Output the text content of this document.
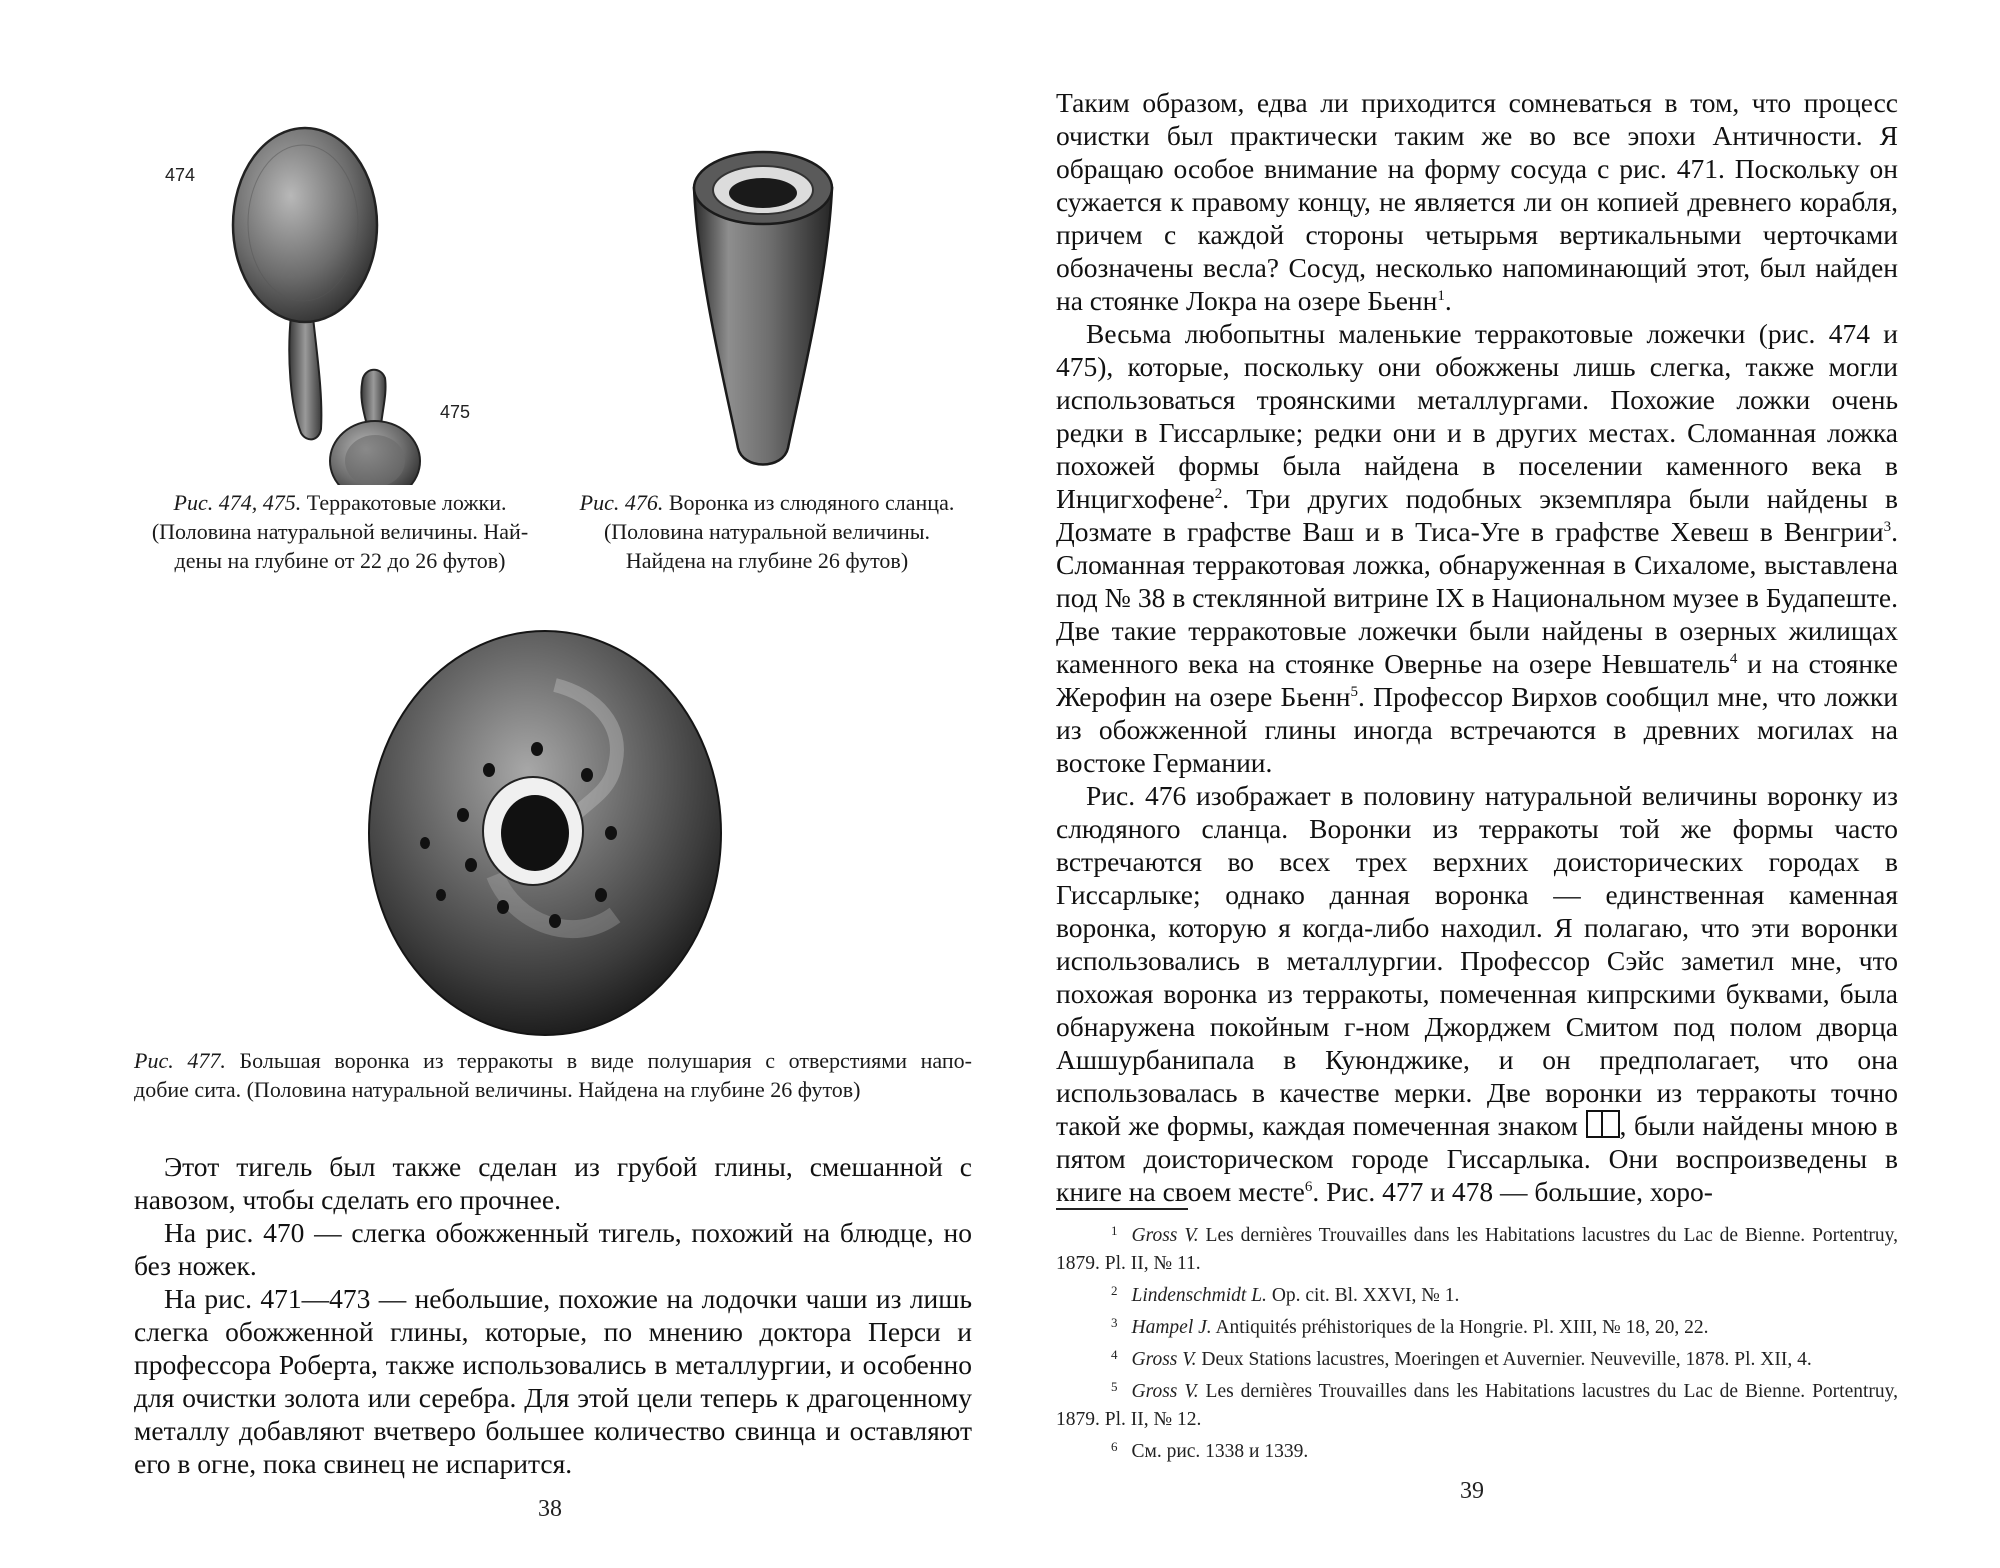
474
475
Рис. 474, 475. Терракотовые ложки.
(Половина натуральной величины. Най-
дены на глубине от 22 до 26 футов)
Рис. 476. Воронка из слюдяного сланца.
(Половина натуральной величины.
Найдена на глубине 26 футов)
Рис. 477. Большая воронка из терракоты в виде полушария с отверстиями напо-
добие сита. (Половина натуральной величины. Найдена на глубине 26 футов)

Этот тигель был также сделан из грубой глины, смешанной с навозом, чтобы сделать его прочнее.

На рис. 470 — слегка обожженный тигель, похожий на блюдце, но без ножек.

На рис. 471—473 — небольшие, похожие на лодочки чаши из лишь слегка обожженной глины, которые, по мнению доктора Перси и профессора Роберта, также использовались в металлургии, и особенно для очистки золота или серебра. Для этой цели теперь к драгоценному металлу добавляют вчетверо большее количество свинца и оставляют его в огне, пока свинец не испарится.

38

Таким образом, едва ли приходится сомневаться в том, что процесс очистки был практически таким же во все эпохи Античности. Я обращаю особое внимание на форму сосуда с рис. 471. Поскольку он сужается к правому концу, не является ли он копией древнего корабля, причем с каждой стороны четырьмя вертикальными черточками обозначены весла? Сосуд, несколько напоминающий этот, был найден на стоянке Локра на озере Бьенн$^1$.

Весьма любопытны маленькие терракотовые ложечки (рис. 474 и 475), которые, поскольку они обожжены лишь слегка, также могли использоваться троянскими металлургами. Похожие ложки очень редки в Гиссарлыке; редки они и в других местах. Сломанная ложка похожей формы была найдена в поселении каменного века в Инцигхофене$^2$. Три других подобных экземпляра были найдены в Дозмате в графстве Ваш и в Тиса-Уге в графстве Хевеш в Венгрии$^3$. Сломанная терракотовая ложка, обнаруженная в Сихаломе, выставлена под № 38 в стеклянной витрине IX в Национальном музее в Будапеште. Две такие терракотовые ложечки были найдены в озерных жилищах каменного века на стоянке Овернье на озере Невшатель$^4$ и на стоянке Жерофин на озере Бьенн$^5$. Профессор Вирхов сообщил мне, что ложки из обожженной глины иногда встречаются в древних могилах на востоке Германии.

Рис. 476 изображает в половину натуральной величины воронку из слюдяного сланца. Воронки из терракоты той же формы часто встречаются во всех трех верхних доисторических городах в Гиссарлыке; однако данная воронка — единственная каменная воронка, которую я когда-либо находил. Я полагаю, что эти воронки использовались в металлургии. Профессор Сэйс заметил мне, что похожая воронка из терракоты, помеченная кипрскими буквами, была обнаружена покойным г-ном Джорджем Смитом под полом дворца Ашшурбанипала в Куюнджике, и он предполагает, что она использовалась в качестве мерки. Две воронки из терракоты точно такой же формы, каждая помеченная знаком , были найдены мною в пятом доисторическом городе Гиссарлыка. Они воспроизведены в книге на своем месте$^6$. Рис. 477 и 478 — большие, хоро-

$^1$ Gross V. Les dernières Trouvailles dans les Habitations lacustres du Lac de Bienne. Portentruy, 1879. Pl. II, № 11.
$^2$ Lindenschmidt L. Op. cit. Bl. XXVI, № 1.
$^3$ Hampel J. Antiquités préhistoriques de la Hongrie. Pl. XIII, № 18, 20, 22.
$^4$ Gross V. Deux Stations lacustres, Moeringen et Auvernier. Neuveville, 1878. Pl. XII, 4.
$^5$ Gross V. Les dernières Trouvailles dans les Habitations lacustres du Lac de Bienne. Portentruy, 1879. Pl. II, № 12.
$^6$ См. рис. 1338 и 1339.
39
